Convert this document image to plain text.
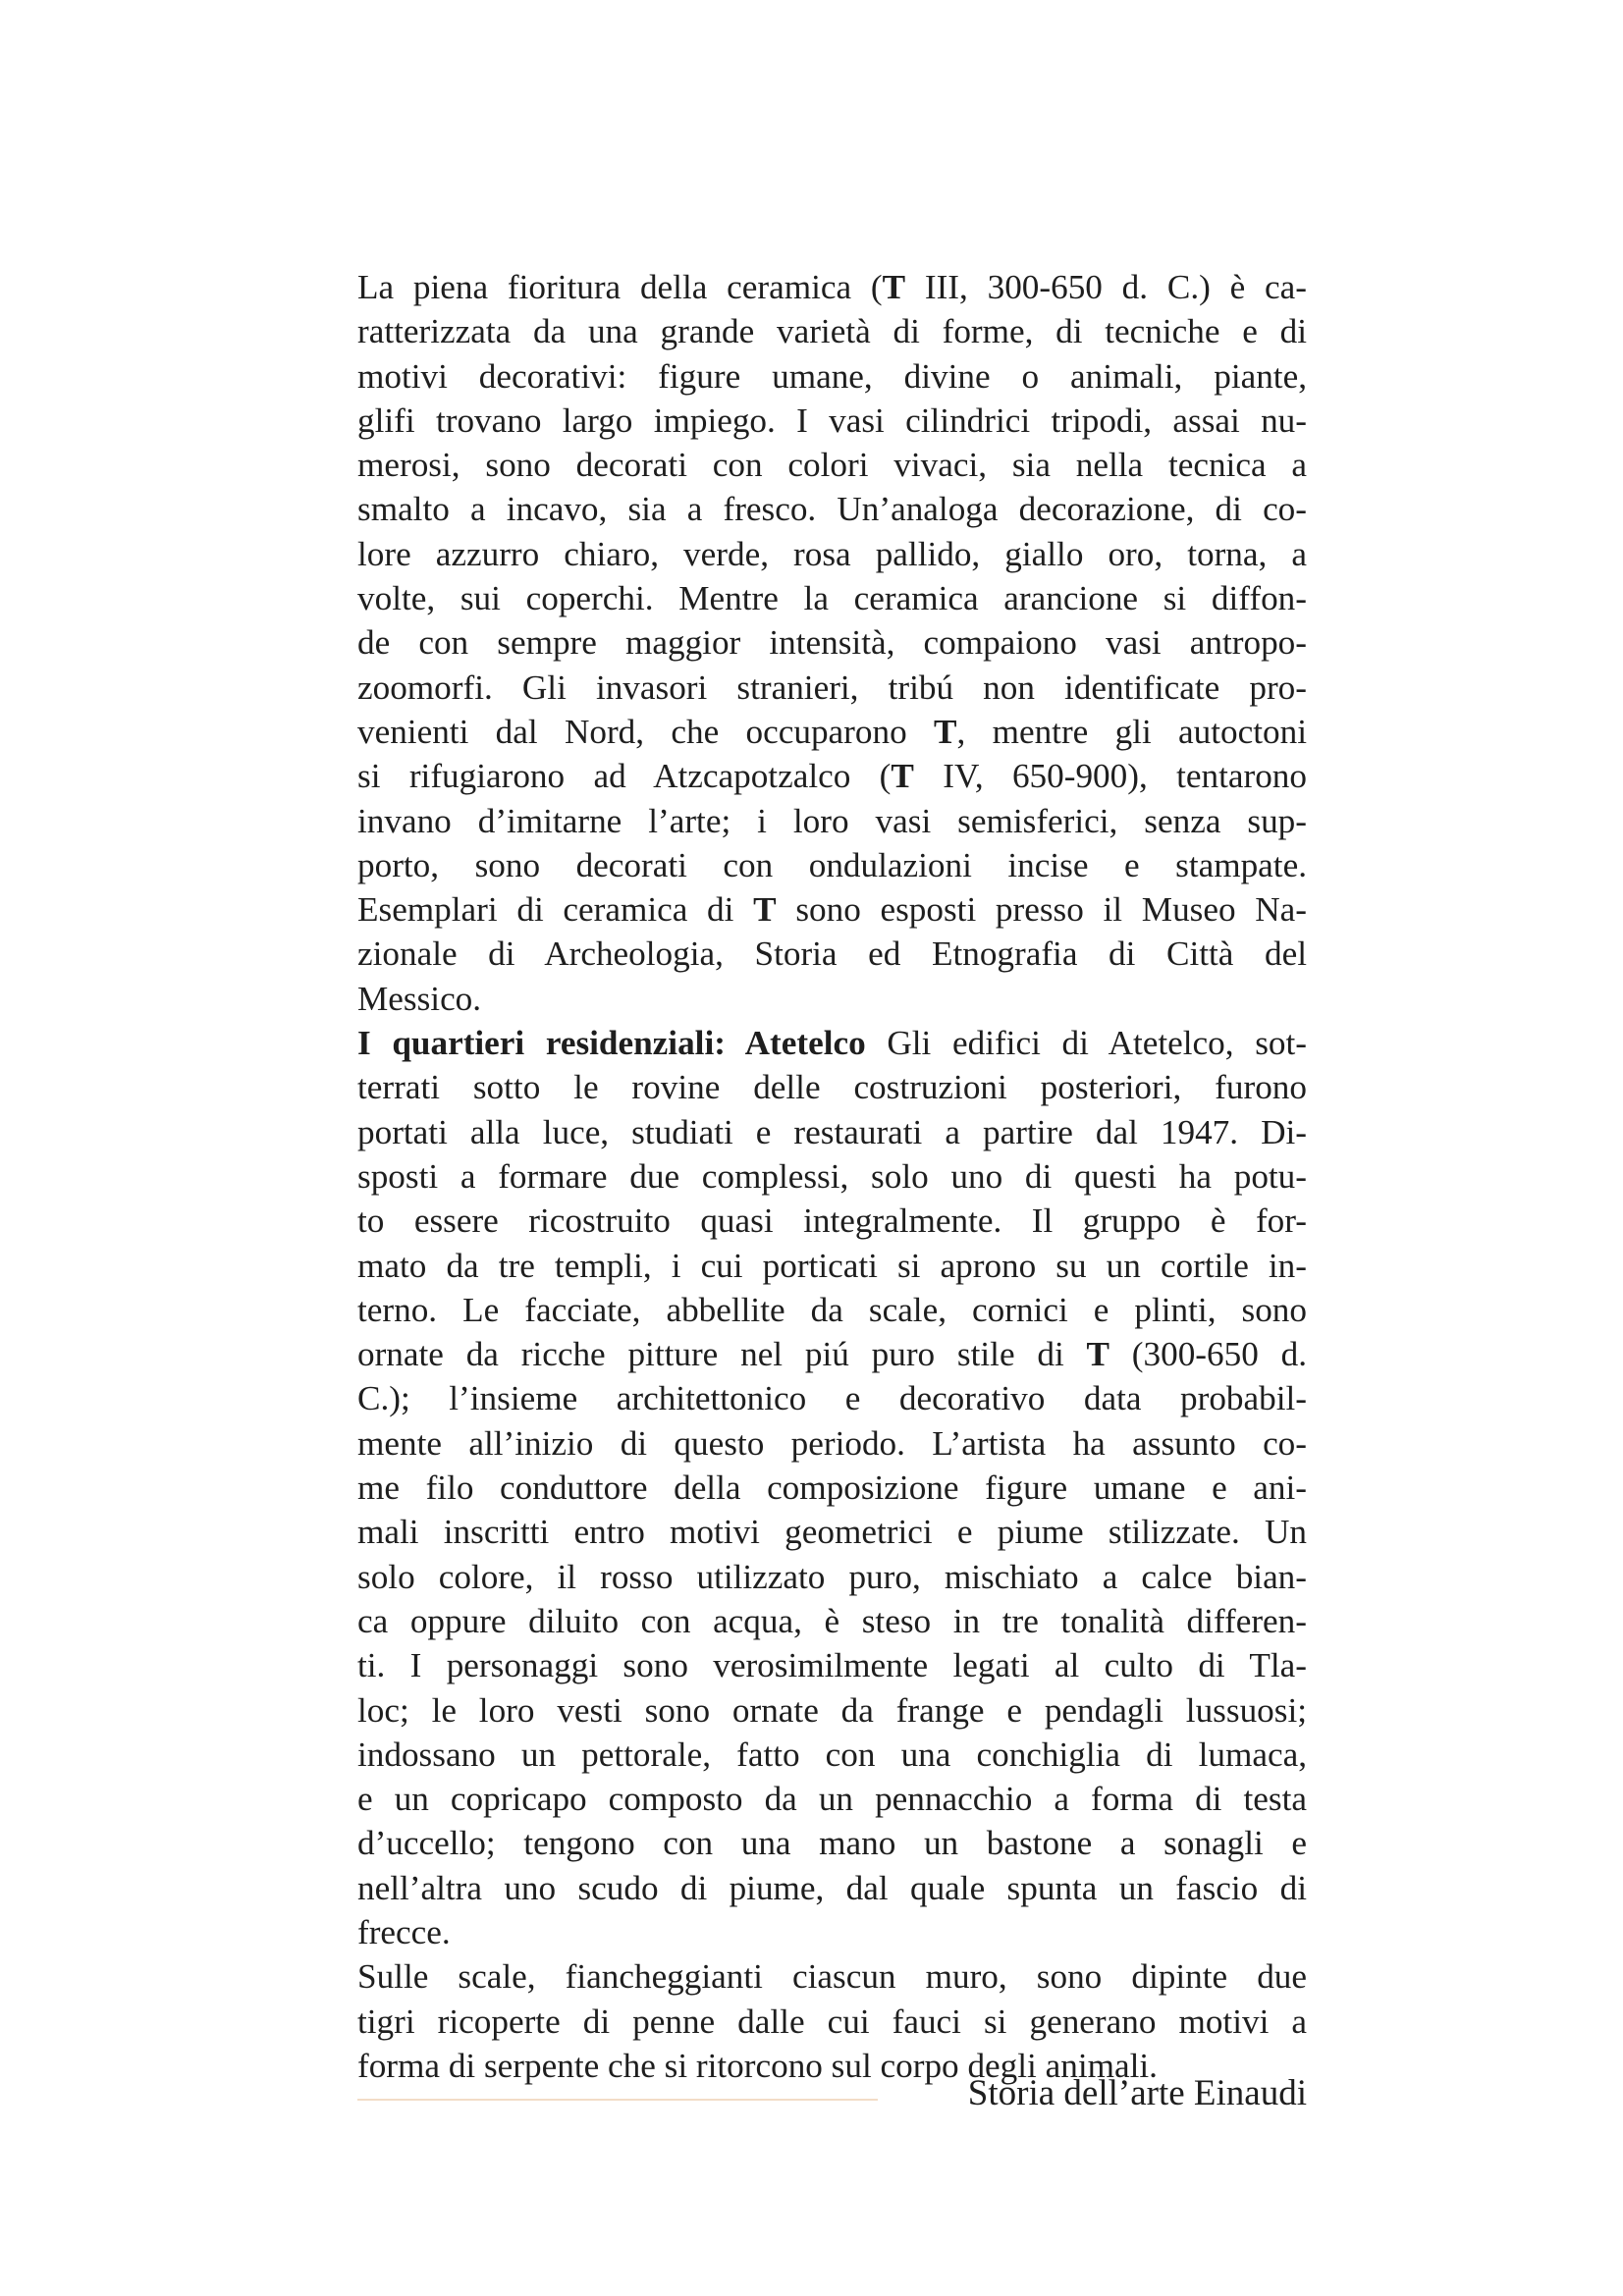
La piena fioritura della ceramica (T III, 300-650 d. C.) è ca-
ratterizzata da una grande varietà di forme, di tecniche e di
motivi decorativi: figure umane, divine o animali, piante,
glifi trovano largo impiego. I vasi cilindrici tripodi, assai nu-
merosi, sono decorati con colori vivaci, sia nella tecnica a
smalto a incavo, sia a fresco. Un’analoga decorazione, di co-
lore azzurro chiaro, verde, rosa pallido, giallo oro, torna, a
volte, sui coperchi. Mentre la ceramica arancione si diffon-
de con sempre maggior intensità, compaiono vasi antropo-
zoomorfi. Gli invasori stranieri, tribú non identificate pro-
venienti dal Nord, che occuparono T, mentre gli autoctoni
si rifugiarono ad Atzcapotzalco (T IV, 650-900), tentarono
invano d’imitarne l’arte; i loro vasi semisferici, senza sup-
porto, sono decorati con ondulazioni incise e stampate.
Esemplari di ceramica di T sono esposti presso il Museo Na-
zionale di Archeologia, Storia ed Etnografia di Città del
Messico.
I quartieri residenziali: Atetelco Gli edifici di Atetelco, sot-
terrati sotto le rovine delle costruzioni posteriori, furono
portati alla luce, studiati e restaurati a partire dal 1947. Di-
sposti a formare due complessi, solo uno di questi ha potu-
to essere ricostruito quasi integralmente. Il gruppo è for-
mato da tre templi, i cui porticati si aprono su un cortile in-
terno. Le facciate, abbellite da scale, cornici e plinti, sono
ornate da ricche pitture nel piú puro stile di T (300-650 d.
C.); l’insieme architettonico e decorativo data probabil-
mente all’inizio di questo periodo. L’artista ha assunto co-
me filo conduttore della composizione figure umane e ani-
mali inscritti entro motivi geometrici e piume stilizzate. Un
solo colore, il rosso utilizzato puro, mischiato a calce bian-
ca oppure diluito con acqua, è steso in tre tonalità differen-
ti. I personaggi sono verosimilmente legati al culto di Tla-
loc; le loro vesti sono ornate da frange e pendagli lussuosi;
indossano un pettorale, fatto con una conchiglia di lumaca,
e un copricapo composto da un pennacchio a forma di testa
d’uccello; tengono con una mano un bastone a sonagli e
nell’altra uno scudo di piume, dal quale spunta un fascio di
frecce.
Sulle scale, fiancheggianti ciascun muro, sono dipinte due
tigri ricoperte di penne dalle cui fauci si generano motivi a
forma di serpente che si ritorcono sul corpo degli animali.
Storia dell’arte Einaudi
